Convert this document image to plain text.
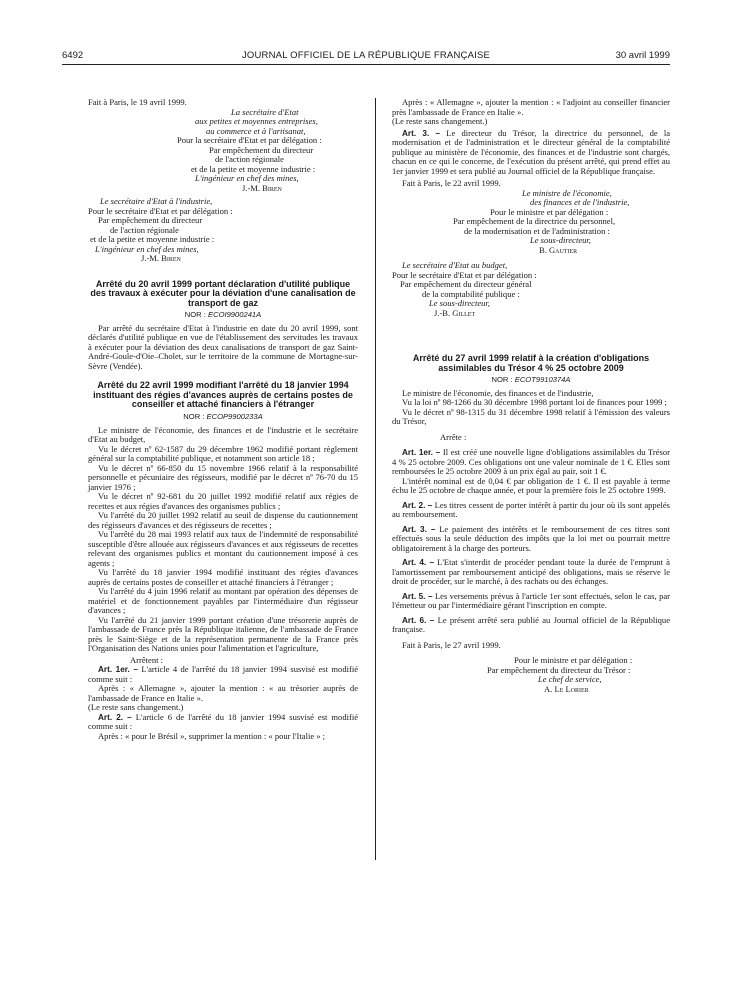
6492	JOURNAL OFFICIEL DE LA RÉPUBLIQUE FRANÇAISE	30 avril 1999

Fait à Paris, le 19 avril 1999.

La secrétaire d'Etat

aux petites et moyennes entreprises,

au commerce et à l'artisanat,

Pour la secrétaire d'Etat et par délégation :

Par empêchement du directeur

de l'action régionale

et de la petite et moyenne industrie :

L'ingénieur en chef des mines,

J.-M. Biren

Le secrétaire d'Etat à l'industrie,

Pour le secrétaire d'Etat et par délégation :

Par empêchement du directeur

de l'action régionale

et de la petite et moyenne industrie :

L'ingénieur en chef des mines,

J.-M. Biren

Arrêté du 20 avril 1999 portant déclaration d'utilité publique des travaux à exécuter pour la déviation d'une canalisation de transport de gaz

NOR : ECOI9900241A

Par arrêté du secrétaire d'Etat à l'industrie en date du 20 avril 1999, sont déclarés d'utilité publique en vue de l'établissement des servitudes les travaux à exécuter pour la déviation des deux canalisations de transport de gaz Saint-André-Goule-d'Oie–Cholet, sur le territoire de la commune de Mortagne-sur-Sèvre (Vendée).

Arrêté du 22 avril 1999 modifiant l'arrêté du 18 janvier 1994 instituant des régies d'avances auprès de certains postes de conseiller et attaché financiers à l'étranger

NOR : ECOP9900233A

Le ministre de l'économie, des finances et de l'industrie et le secrétaire d'Etat au budget,

Vu le décret nº 62-1587 du 29 décembre 1962 modifié portant règlement général sur la comptabilité publique, et notamment son article 18 ;

Vu le décret nº 66-850 du 15 novembre 1966 relatif à la responsabilité personnelle et pécuniaire des régisseurs, modifié par le décret nº 76-70 du 15 janvier 1976 ;

Vu le décret nº 92-681 du 20 juillet 1992 modifié relatif aux régies de recettes et aux régies d'avances des organismes publics ;

Vu l'arrêté du 20 juillet 1992 relatif au seuil de dispense du cautionnement des régisseurs d'avances et des régisseurs de recettes ;

Vu l'arrêté du 28 mai 1993 relatif aux taux de l'indemnité de responsabilité susceptible d'être allouée aux régisseurs d'avances et aux régisseurs de recettes relevant des organismes publics et montant du cautionnement imposé à ces agents ;

Vu l'arrêté du 18 janvier 1994 modifié instituant des régies d'avances auprès de certains postes de conseiller et attaché financiers à l'étranger ;

Vu l'arrêté du 4 juin 1996 relatif au montant par opération des dépenses de matériel et de fonctionnement payables par l'intermédiaire d'un régisseur d'avances ;

Vu l'arrêté du 21 janvier 1999 portant création d'une trésorerie auprès de l'ambassade de France près la République italienne, de l'ambassade de France près le Saint-Siège et de la représentation permanente de la France près l'Organisation des Nations unies pour l'alimentation et l'agriculture,

Arrêtent :

Art. 1er. – L'article 4 de l'arrêté du 18 janvier 1994 susvisé est modifié comme suit :

Après : « Allemagne », ajouter la mention : « au trésorier auprès de l'ambassade de France en Italie ».

(Le reste sans changement.)

Art. 2. – L'article 6 de l'arrêté du 18 janvier 1994 susvisé est modifié comme suit :

Après : « pour le Brésil », supprimer la mention : « pour l'Italie » ;

Après : « Allemagne », ajouter la mention : « l'adjoint au conseiller financier près l'ambassade de France en Italie ».

(Le reste sans changement.)

Art. 3. – Le directeur du Trésor, la directrice du personnel, de la modernisation et de l'administration et le directeur général de la comptabilité publique au ministère de l'économie, des finances et de l'industrie sont chargés, chacun en ce qui le concerne, de l'exécution du présent arrêté, qui prend effet au 1er janvier 1999 et sera publié au Journal officiel de la République française.

Fait à Paris, le 22 avril 1999.

Le ministre de l'économie,

des finances et de l'industrie,

Pour le ministre et par délégation :

Par empêchement de la directrice du personnel,

de la modernisation et de l'administration :

Le sous-directeur,

B. Gautier

Le secrétaire d'Etat au budget,

Pour le secrétaire d'Etat et par délégation :

Par empêchement du directeur général

de la comptabilité publique :

Le sous-directeur,

J.-B. Gillet

Arrêté du 27 avril 1999 relatif à la création d'obligations assimilables du Trésor 4 % 25 octobre 2009

NOR : ECOT9910374A

Le ministre de l'économie, des finances et de l'industrie,

Vu la loi nº 98-1266 du 30 décembre 1998 portant loi de finances pour 1999 ;

Vu le décret nº 98-1315 du 31 décembre 1998 relatif à l'émission des valeurs du Trésor,

Arrête :

Art. 1er. – Il est créé une nouvelle ligne d'obligations assimilables du Trésor 4 % 25 octobre 2009. Ces obligations ont une valeur nominale de 1 €. Elles sont remboursées le 25 octobre 2009 à un prix égal au pair, soit 1 €.

L'intérêt nominal est de 0,04 € par obligation de 1 €. Il est payable à terme échu le 25 octobre de chaque année, et pour la première fois le 25 octobre 1999.

Art. 2. – Les titres cessent de porter intérêt à partir du jour où ils sont appelés au remboursement.

Art. 3. – Le paiement des intérêts et le remboursement de ces titres sont effectués sous la seule déduction des impôts que la loi met ou pourrait mettre obligatoirement à la charge des porteurs.

Art. 4. – L'Etat s'interdit de procéder pendant toute la durée de l'emprunt à l'amortissement par remboursement anticipé des obligations, mais se réserve le droit de procéder, sur le marché, à des rachats ou des échanges.

Art. 5. – Les versements prévus à l'article 1er sont effectués, selon le cas, par l'émetteur ou par l'intermédiaire gérant l'inscription en compte.

Art. 6. – Le présent arrêté sera publié au Journal officiel de la République française.

Fait à Paris, le 27 avril 1999.

Pour le ministre et par délégation :

Par empêchement du directeur du Trésor :

Le chef de service,

A. Le Lorier
